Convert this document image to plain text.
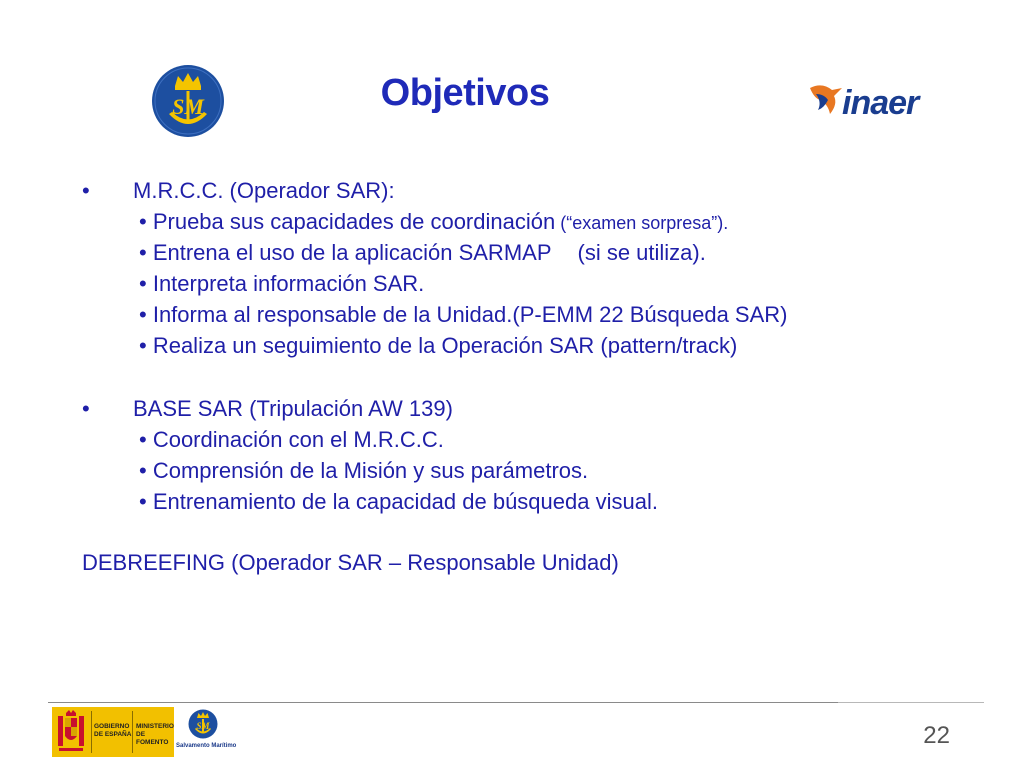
SM	Objetivos	inaer
• M.R.C.C. (Operador SAR):
• Prueba sus capacidades de coordinación (“examen sorpresa”).
• Entrena el uso de la aplicación SARMAP (si se utiliza).
• Interpreta información SAR.
• Informa al responsable de la Unidad.(P-EMM 22 Búsqueda SAR)
• Realiza un seguimiento de la Operación SAR (pattern/track)
• BASE SAR (Tripulación AW 139)
• Coordinación con el M.R.C.C.
• Comprensión de la Misión y sus parámetros.
• Entrenamiento de la capacidad de búsqueda visual.
DEBREEFING (Operador SAR – Responsable Unidad)
GOBIERNO
DE ESPAÑA
MINISTERIO
DE FOMENTO
SM
Salvamento Marítimo	22
